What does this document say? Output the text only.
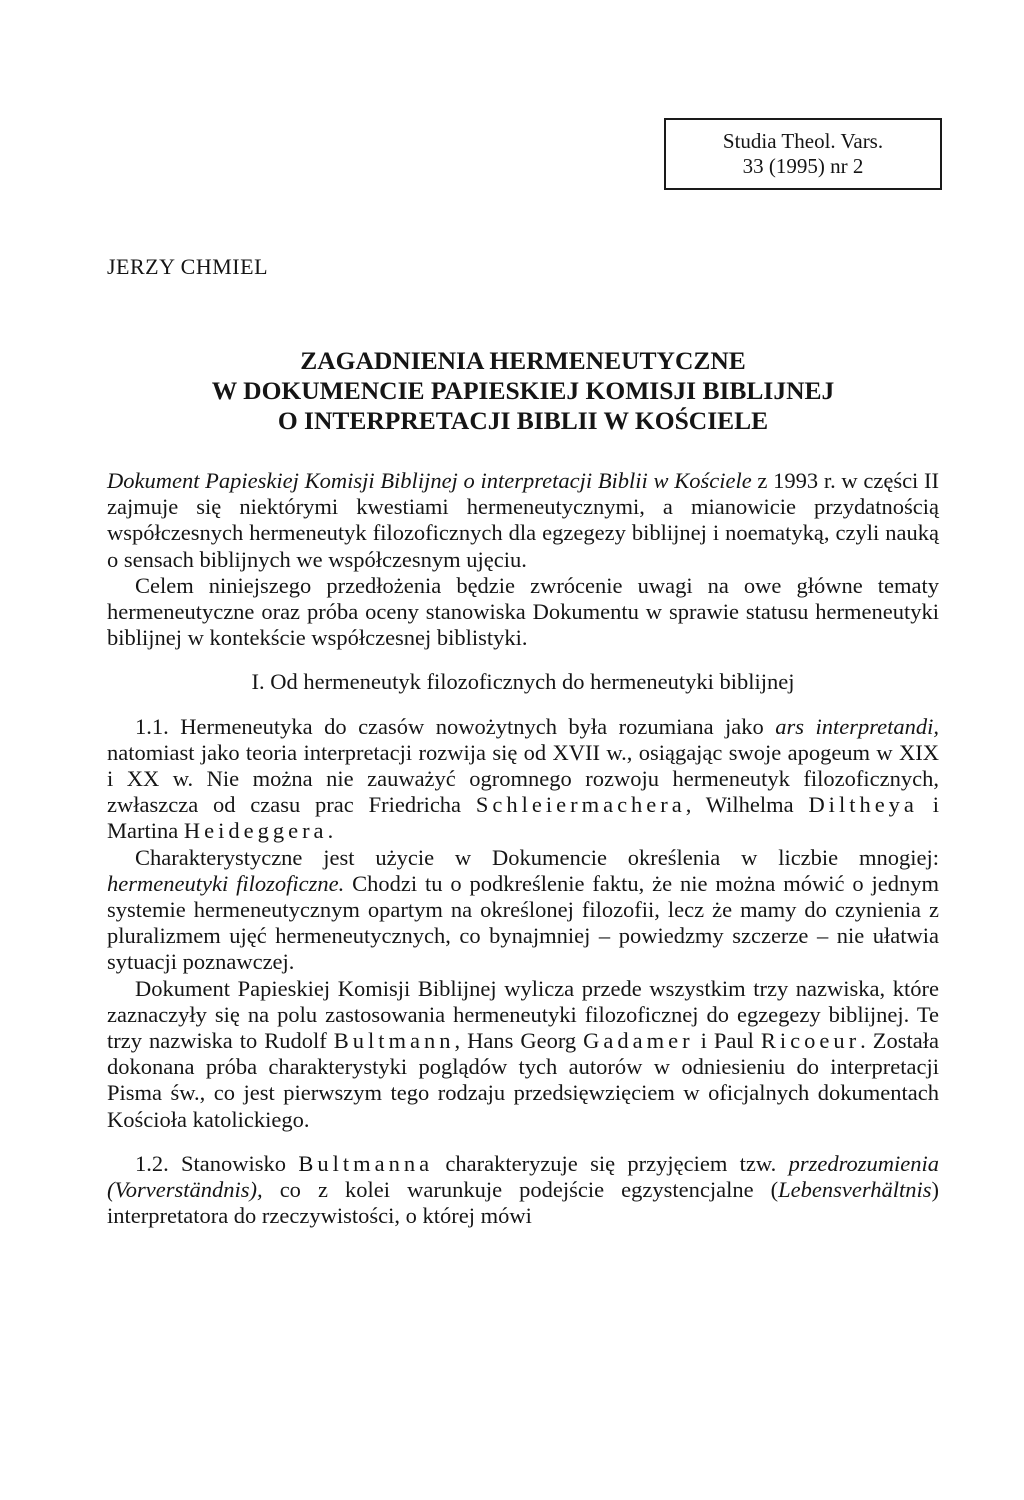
Studia Theol. Vars.
33 (1995) nr 2
JERZY CHMIEL
ZAGADNIENIA HERMENEUTYCZNE
W DOKUMENCIE PAPIESKIEJ KOMISJI BIBLIJNEJ
O INTERPRETACJI BIBLII W KOŚCIELE

Dokument Papieskiej Komisji Biblijnej o interpretacji Biblii w Kościele z 1993 r. w części II zajmuje się niektórymi kwestiami hermeneutycznymi, a mianowicie przydatnością współczesnych hermeneutyk filozoficznych dla egzegezy biblijnej i noematyką, czyli nauką o sensach biblijnych we współczesnym ujęciu.

Celem niniejszego przedłożenia będzie zwrócenie uwagi na owe główne tematy hermeneutyczne oraz próba oceny stanowiska Dokumentu w sprawie statusu hermeneutyki biblijnej w kontekście współczesnej biblistyki.

I. Od hermeneutyk filozoficznych do hermeneutyki biblijnej

1.1. Hermeneutyka do czasów nowożytnych była rozumiana jako ars interpretandi, natomiast jako teoria interpretacji rozwija się od XVII w., osiągając swoje apogeum w XIX i XX w. Nie można nie zauważyć ogromnego rozwoju hermeneutyk filozoficznych, zwłaszcza od czasu prac Friedricha Schleiermachera, Wilhelma Diltheya i Martina Heideggera.

Charakterystyczne jest użycie w Dokumencie określenia w liczbie mnogiej: hermeneutyki filozoficzne. Chodzi tu o podkreślenie faktu, że nie można mówić o jednym systemie hermeneutycznym opartym na określonej filozofii, lecz że mamy do czynienia z pluralizmem ujęć hermeneutycznych, co bynajmniej – powiedzmy szczerze – nie ułatwia sytuacji poznawczej.

Dokument Papieskiej Komisji Biblijnej wylicza przede wszystkim trzy nazwiska, które zaznaczyły się na polu zastosowania hermeneutyki filozoficznej do egzegezy biblijnej. Te trzy nazwiska to Rudolf Bultmann, Hans Georg Gadamer i Paul Ricoeur. Została dokonana próba charakterystyki poglądów tych autorów w odniesieniu do interpretacji Pisma św., co jest pierwszym tego rodzaju przedsięwzięciem w oficjalnych dokumentach Kościoła katolickiego.

1.2. Stanowisko Bultmanna charakteryzuje się przyjęciem tzw. przedrozumienia (Vorverständnis), co z kolei warunkuje podejście egzystencjalne (Lebensverhältnis) interpretatora do rzeczywistości, o której mówi
